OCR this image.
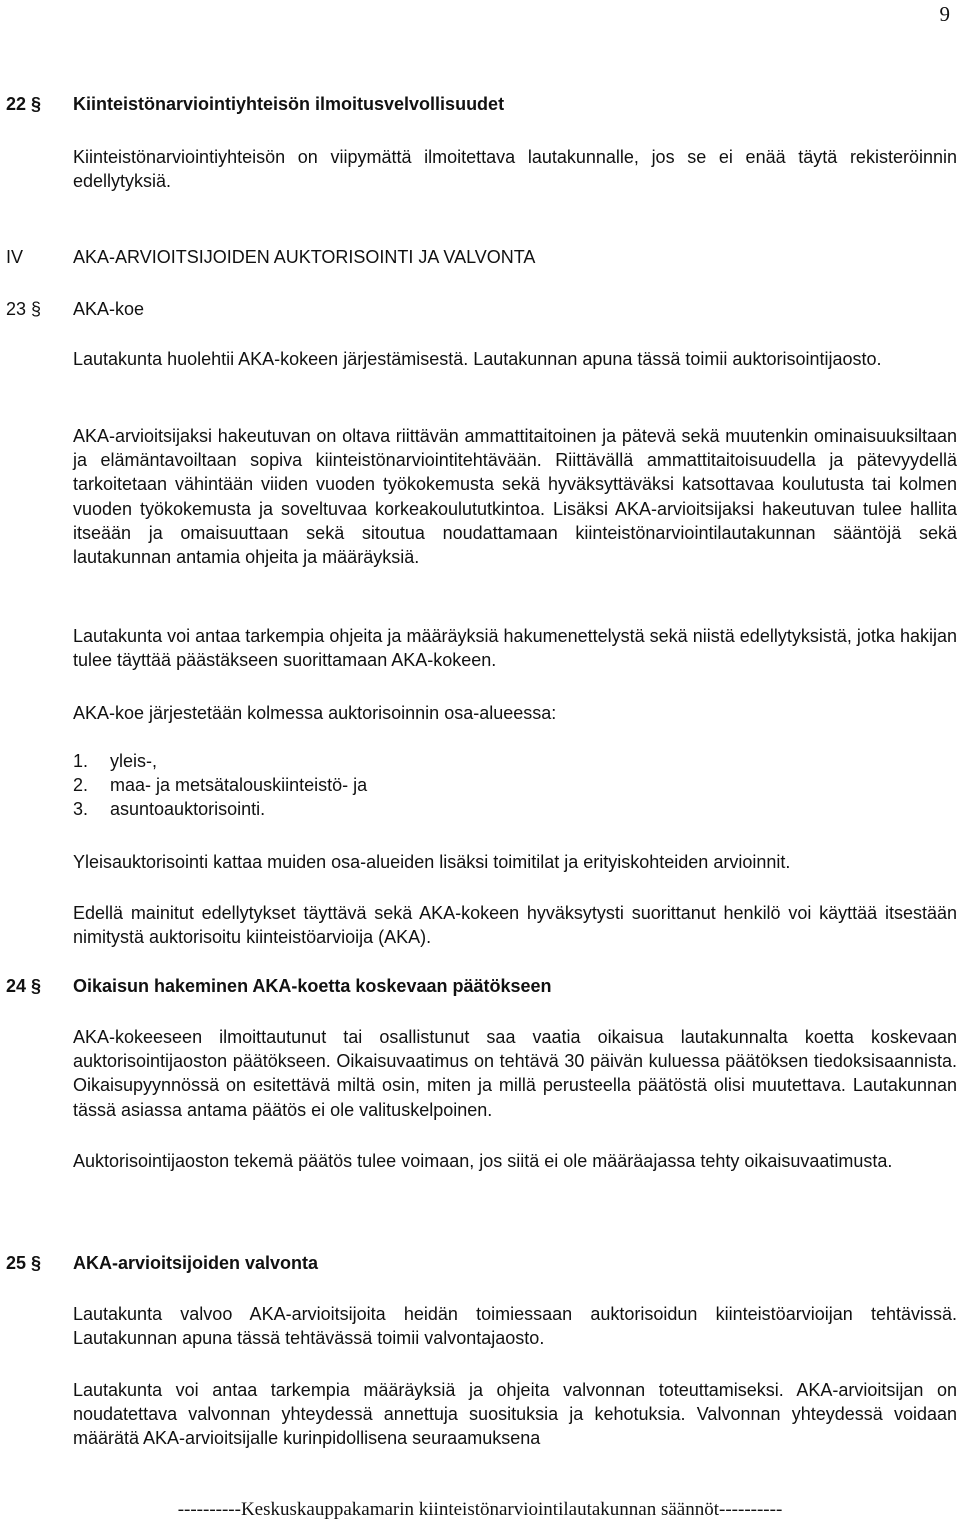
9
22 § Kiinteistönarviointiyhteisön ilmoitusvelvollisuudet
Kiinteistönarviointiyhteisön on viipymättä ilmoitettava lautakunnalle, jos se ei enää täytä rekisteröinnin edellytyksiä.
IV	AKA-ARVIOITSIJOIDEN AUKTORISOINTI JA VALVONTA
23 § AKA-koe
Lautakunta huolehtii AKA-kokeen järjestämisestä. Lautakunnan apuna tässä toimii auktorisointijaosto.
AKA-arvioitsijaksi hakeutuvan on oltava riittävän ammattitaitoinen ja pätevä sekä muutenkin ominaisuuksiltaan ja elämäntavoiltaan sopiva kiinteistönarviointitehtävään. Riittävällä ammattitaitoisuudella ja pätevyydellä tarkoitetaan vähintään viiden vuoden työkokemusta sekä hyväksyttäväksi katsottavaa koulutusta tai kolmen vuoden työkokemusta ja soveltuvaa korkeakoulututkintoa. Lisäksi AKA-arvioitsijaksi hakeutuvan tulee hallita itseään ja omaisuuttaan sekä sitoutua noudattamaan kiinteistönarviointilautakunnan sääntöjä sekä lautakunnan antamia ohjeita ja määräyksiä.
Lautakunta voi antaa tarkempia ohjeita ja määräyksiä hakumenettelystä sekä niistä edellytyksistä, jotka hakijan tulee täyttää päästäkseen suorittamaan AKA-kokeen.
AKA-koe järjestetään kolmessa auktorisoinnin osa-alueessa:
1. yleis-,
2. maa- ja metsätalouskiinteistö- ja
3. asuntoauktorisointi.
Yleisauktorisointi kattaa muiden osa-alueiden lisäksi toimitilat ja erityiskohteiden arvioinnit.
Edellä mainitut edellytykset täyttävä sekä AKA-kokeen hyväksytysti suorittanut henkilö voi käyttää itsestään nimitystä auktorisoitu kiinteistöarvioija (AKA).
24 § Oikaisun hakeminen AKA-koetta koskevaan päätökseen
AKA-kokeeseen ilmoittautunut tai osallistunut saa vaatia oikaisua lautakunnalta koetta koskevaan auktorisointijaoston päätökseen. Oikaisuvaatimus on tehtävä 30 päivän kuluessa päätöksen tiedoksisaannista. Oikaisupyynnössä on esitettävä miltä osin, miten ja millä perusteella päätöstä olisi muutettava. Lautakunnan tässä asiassa antama päätös ei ole valituskelpoinen.
Auktorisointijaoston tekemä päätös tulee voimaan, jos siitä ei ole määräajassa tehty oikaisuvaatimusta.
25 § AKA-arvioitsijoiden valvonta
Lautakunta valvoo AKA-arvioitsijoita heidän toimiessaan auktorisoidun kiinteistöarvioijan tehtävissä. Lautakunnan apuna tässä tehtävässä toimii valvontajaosto.
Lautakunta voi antaa tarkempia määräyksiä ja ohjeita valvonnan toteuttamiseksi. AKA-arvioitsijan on noudatettava valvonnan yhteydessä annettuja suosituksia ja kehotuksia. Valvonnan yhteydessä voidaan määrätä AKA-arvioitsijalle kurinpidollisena seuraamuksena
----------Keskuskauppakamarin kiinteistönarviointilautakunnan säännöt----------
